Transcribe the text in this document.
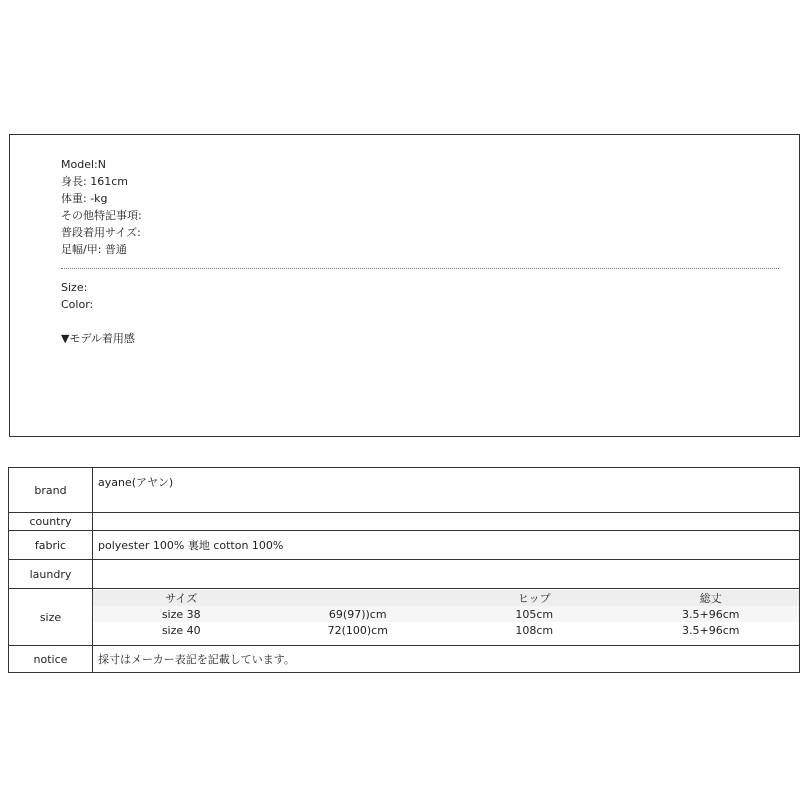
Model:N
身長: 161cm
体重: -kg
その他特記事項:
普段着用サイズ:
足幅/甲: 普通
Size:
Color:
▼モデル着用感
brand	ayane(アヤン)
country	
fabric	polyester 100% 裏地 cotton 100%
laundry	
size	
サイズ		ヒップ	総丈
size 38	69(97))cm	105cm	3.5+96cm
size 40	72(100)cm	108cm	3.5+96cm

notice	採寸はメーカー表記を記載しています。
